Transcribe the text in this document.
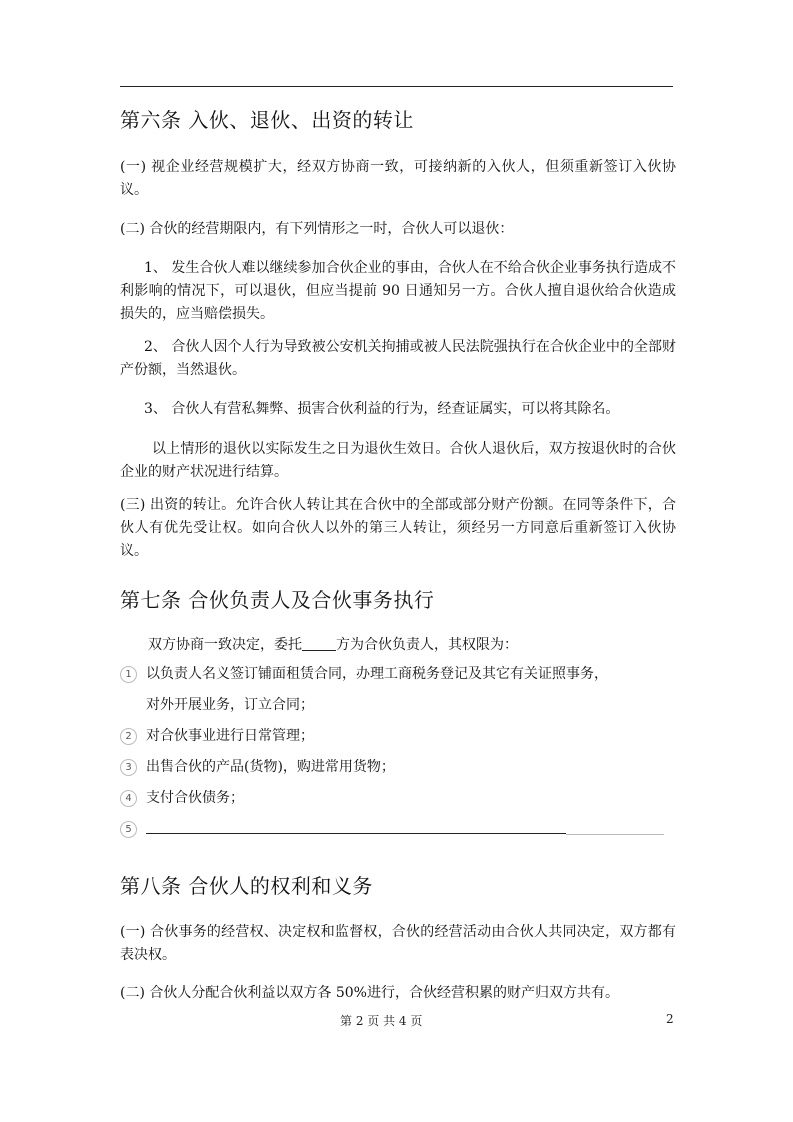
第六条 入伙、退伙、出资的转让

(一) 视企业经营规模扩大，经双方协商一致，可接纳新的入伙人，但须重新签订入伙协议。

(二) 合伙的经营期限内，有下列情形之一时，合伙人可以退伙：

1、 发生合伙人难以继续参加合伙企业的事由，合伙人在不给合伙企业事务执行造成不利影响的情况下，可以退伙，但应当提前 90 日通知另一方。合伙人擅自退伙给合伙造成损失的，应当赔偿损失。

2、 合伙人因个人行为导致被公安机关拘捕或被人民法院强执行在合伙企业中的全部财产份额，当然退伙。

3、 合伙人有营私舞弊、损害合伙利益的行为，经查证属实，可以将其除名。

以上情形的退伙以实际发生之日为退伙生效日。合伙人退伙后，双方按退伙时的合伙企业的财产状况进行结算。

(三) 出资的转让。允许合伙人转让其在合伙中的全部或部分财产份额。在同等条件下，合伙人有优先受让权。如向合伙人以外的第三人转让，须经另一方同意后重新签订入伙协议。

第七条 合伙负责人及合伙事务执行
双方协商一致决定，委托 方为合伙负责人，其权限为：
1	以负责人名义签订铺面租赁合同，办理工商税务登记及其它有关证照事务，
对外开展业务，订立合同；
2	对合伙事业进行日常管理；
3	出售合伙的产品(货物)，购进常用货物；
4	支付合伙债务；
5
第八条 合伙人的权利和义务

(一) 合伙事务的经营权、决定权和监督权，合伙的经营活动由合伙人共同决定，双方都有表决权。

(二) 合伙人分配合伙利益以双方各 50%进行，合伙经营积累的财产归双方共有。

第 2 页 共 4 页	2
